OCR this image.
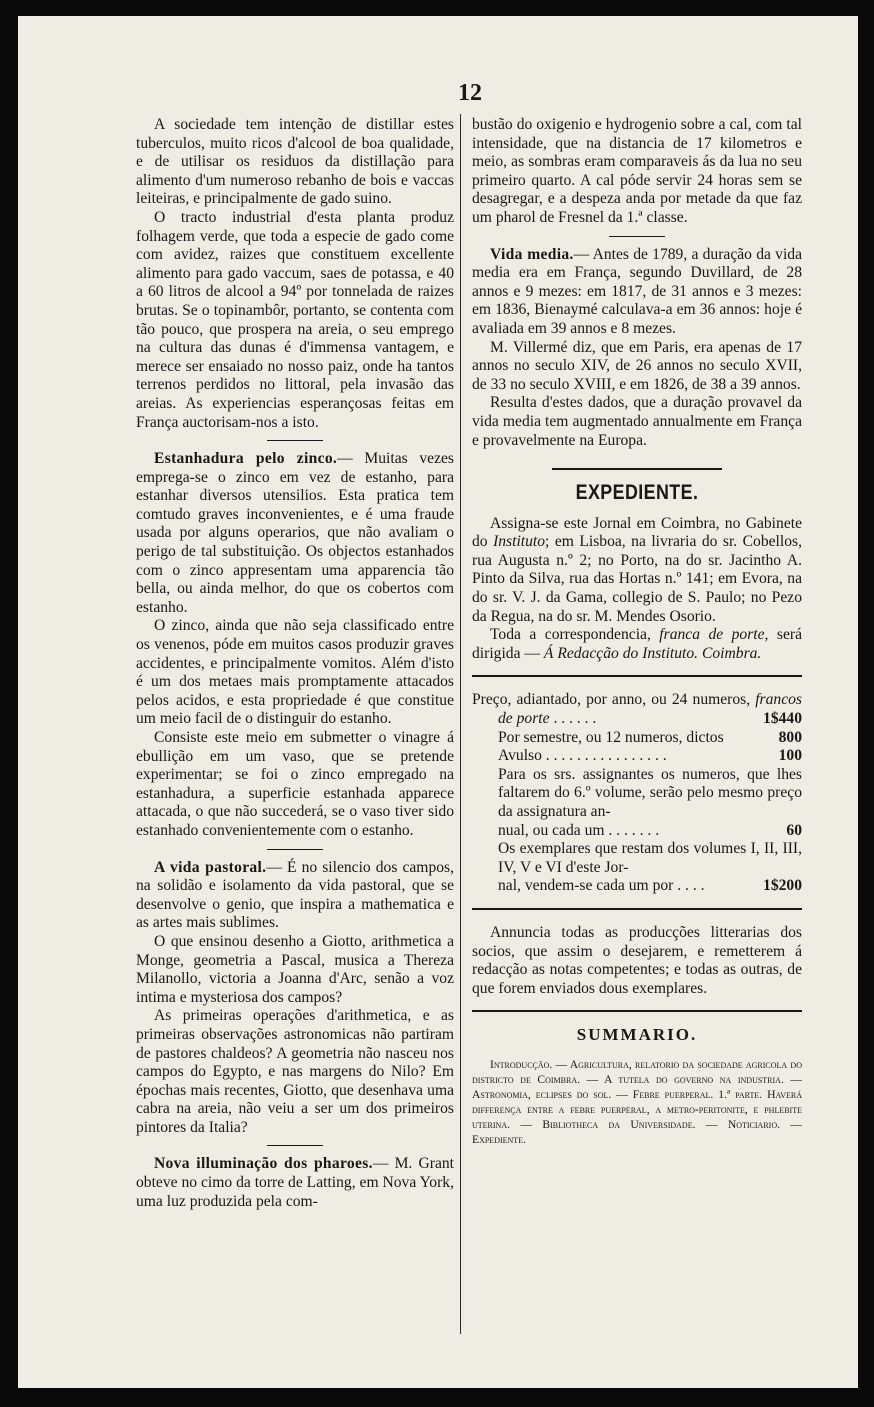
12

A sociedade tem intenção de distillar estes tuberculos, muito ricos d'alcool de boa qualidade, e de utilisar os residuos da distillação para alimento d'um numeroso rebanho de bois e vaccas leiteiras, e principalmente de gado suino.

O tracto industrial d'esta planta produz folhagem verde, que toda a especie de gado come com avidez, raizes que constituem excellente alimento para gado vaccum, saes de potassa, e 40 a 60 litros de alcool a 94º por tonnelada de raizes brutas. Se o topinambôr, portanto, se contenta com tão pouco, que prospera na areia, o seu emprego na cultura das dunas é d'immensa vantagem, e merece ser ensaiado no nosso paiz, onde ha tantos terrenos perdidos no littoral, pela invasão das areias. As experiencias esperançosas feitas em França auctorisam-nos a isto.

Estanhadura pelo zinco.— Muitas vezes emprega-se o zinco em vez de estanho, para estanhar diversos utensilios. Esta pratica tem comtudo graves inconvenientes, e é uma fraude usada por alguns operarios, que não avaliam o perigo de tal substituição. Os objectos estanhados com o zinco appresentam uma apparencia tão bella, ou ainda melhor, do que os cobertos com estanho.

O zinco, ainda que não seja classificado entre os venenos, póde em muitos casos produzir graves accidentes, e principalmente vomitos. Além d'isto é um dos metaes mais promptamente attacados pelos acidos, e esta propriedade é que constitue um meio facil de o distinguir do estanho.

Consiste este meio em submetter o vinagre á ebullição em um vaso, que se pretende experimentar; se foi o zinco empregado na estanhadura, a superficie estanhada apparece attacada, o que não succederá, se o vaso tiver sido estanhado convenientemente com o estanho.

A vida pastoral.— É no silencio dos campos, na solidão e isolamento da vida pastoral, que se desenvolve o genio, que inspira a mathematica e as artes mais sublimes.

O que ensinou desenho a Giotto, arithmetica a Monge, geometria a Pascal, musica a Thereza Milanollo, victoria a Joanna d'Arc, senão a voz intima e mysteriosa dos campos?

As primeiras operações d'arithmetica, e as primeiras observações astronomicas não partiram de pastores chaldeos? A geometria não nasceu nos campos do Egypto, e nas margens do Nilo? Em épochas mais recentes, Giotto, que desenhava uma cabra na areia, não veiu a ser um dos primeiros pintores da Italia?

Nova illuminação dos pharoes.— M. Grant obteve no cimo da torre de Latting, em Nova York, uma luz produzida pela com-

bustão do oxigenio e hydrogenio sobre a cal, com tal intensidade, que na distancia de 17 kilometros e meio, as sombras eram comparaveis ás da lua no seu primeiro quarto. A cal póde servir 24 horas sem se desagregar, e a despeza anda por metade da que faz um pharol de Fresnel da 1.ª classe.

Vida media.— Antes de 1789, a duração da vida media era em França, segundo Duvillard, de 28 annos e 9 mezes: em 1817, de 31 annos e 3 mezes: em 1836, Bienaymé calculava-a em 36 annos: hoje é avaliada em 39 annos e 8 mezes.

M. Villermé diz, que em Paris, era apenas de 17 annos no seculo XIV, de 26 annos no seculo XVII, de 33 no seculo XVIII, e em 1826, de 38 a 39 annos.

Resulta d'estes dados, que a duração provavel da vida media tem augmentado annualmente em França e provavelmente na Europa.

EXPEDIENTE.

Assigna-se este Jornal em Coimbra, no Gabinete do Instituto; em Lisboa, na livraria do sr. Cobellos, rua Augusta n.º 2; no Porto, na do sr. Jacintho A. Pinto da Silva, rua das Hortas n.º 141; em Evora, na do sr. V. J. da Gama, collegio de S. Paulo; no Pezo da Regua, na do sr. M. Mendes Osorio.

Toda a correspondencia, franca de porte, será dirigida — Á Redacção do Instituto. Coimbra.

Preço, adiantado, por anno, ou 24 numeros, francos de porte . . . . . .	1$440
Por semestre, ou 12 numeros, dictos	800
Avulso . . . . . . . . . . . . . . . .	100
Para os srs. assignantes os numeros, que lhes faltarem do 6.º volume, serão pelo mesmo preço da assignatura an-
nual, ou cada um . . . . . . .	60
Os exemplares que restam dos volumes I, II, III, IV, V e VI d'este Jor-
nal, vendem-se cada um por . . . .	1$200

Annuncia todas as producções litterarias dos socios, que assim o desejarem, e remetterem á redacção as notas competentes; e todas as outras, de que forem enviados dous exemplares.

SUMMARIO.

Introducção. — Agricultura, relatorio da sociedade agricola do districto de Coimbra. — A tutela do governo na industria. — Astronomia, eclipses do sol. — Febre puerperal. 1.ª parte. Haverá differença entre a febre puerperal, a metro-peritonite, e phlebite uterina. — Bibliotheca da Universidade. — Noticiario. — Expediente.
